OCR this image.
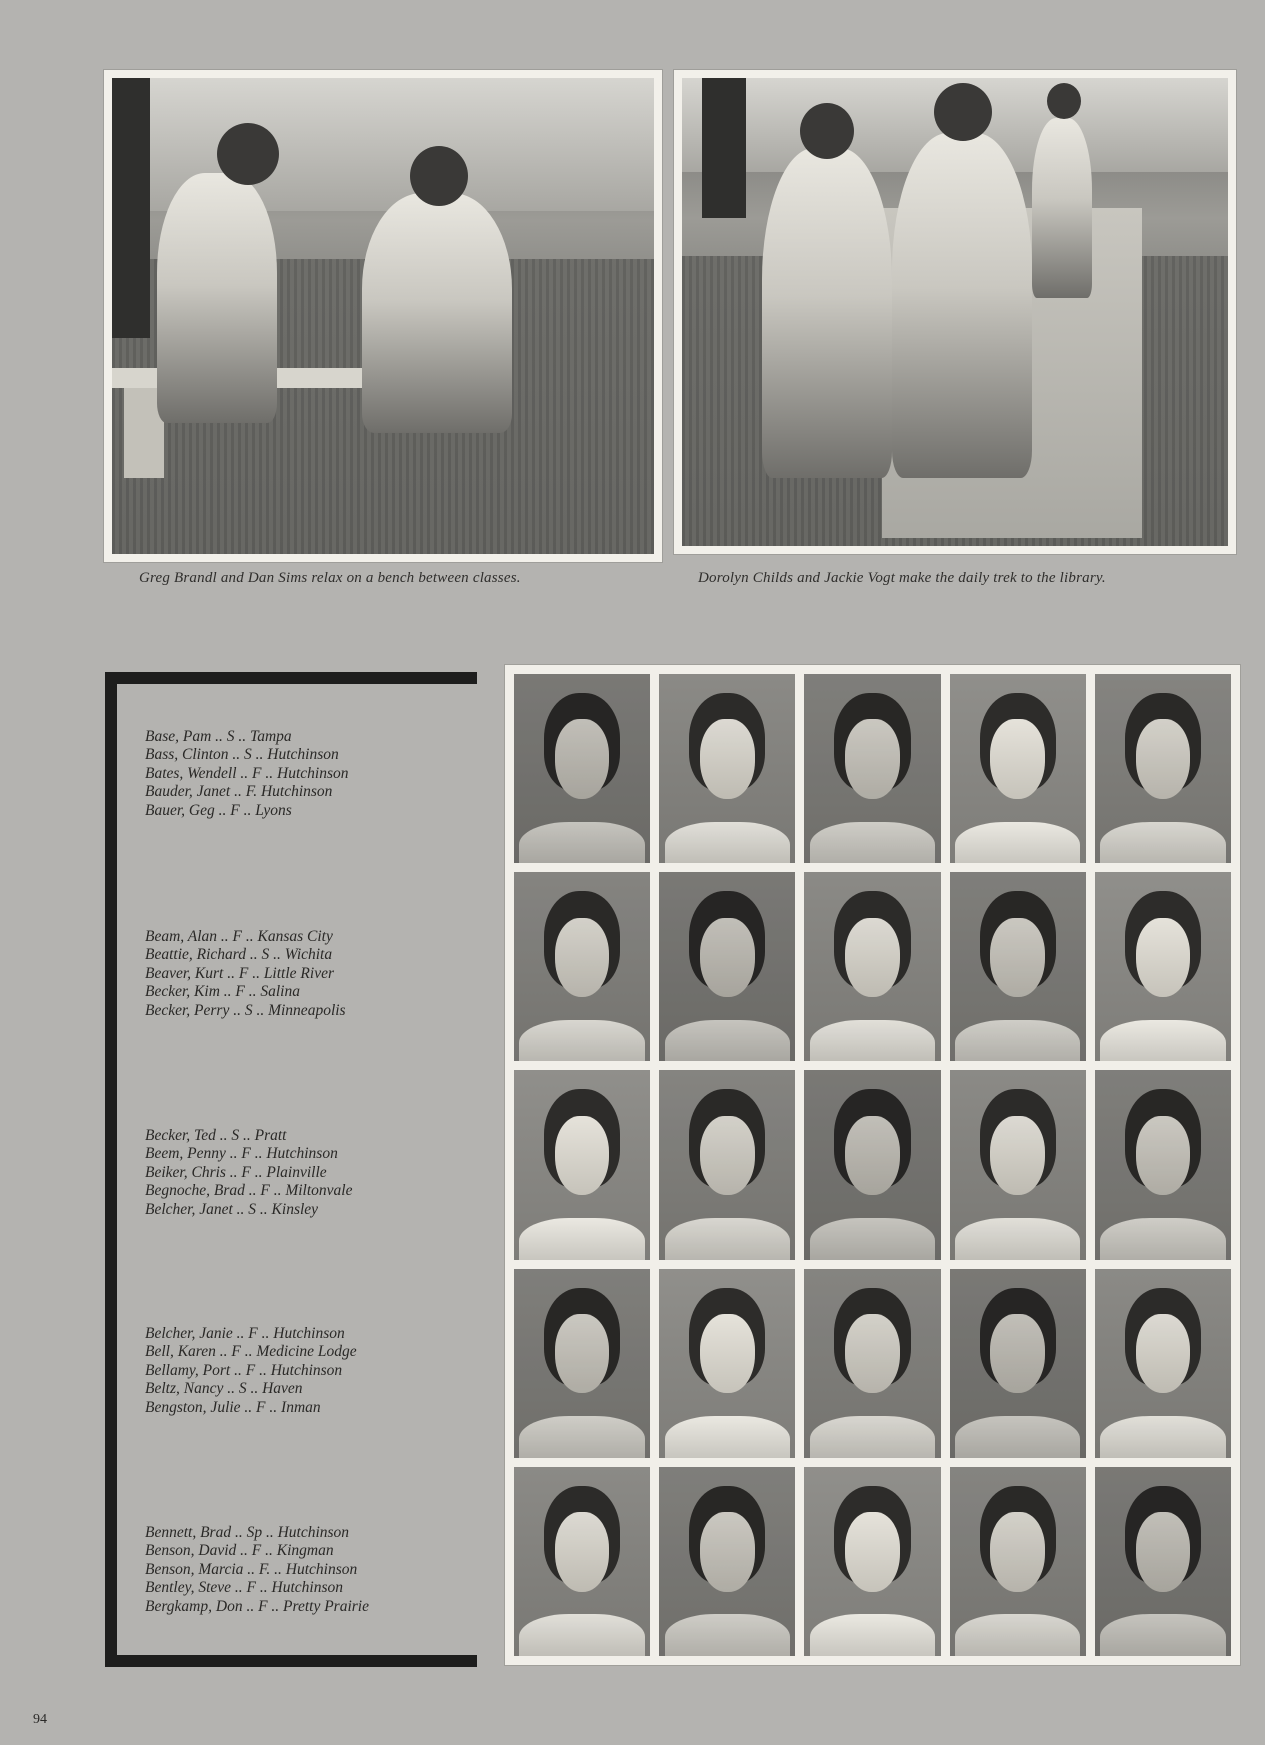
Greg Brandl and Dan Sims relax on a bench between classes.	Dorolyn Childs and Jackie Vogt make the daily trek to the library.
Base, Pam .. S .. Tampa
Bass, Clinton .. S .. Hutchinson
Bates, Wendell .. F .. Hutchinson
Bauder, Janet .. F. Hutchinson
Bauer, Geg .. F .. Lyons
Beam, Alan .. F .. Kansas City
Beattie, Richard .. S .. Wichita
Beaver, Kurt .. F .. Little River
Becker, Kim .. F .. Salina
Becker, Perry .. S .. Minneapolis
Becker, Ted .. S .. Pratt
Beem, Penny .. F .. Hutchinson
Beiker, Chris .. F .. Plainville
Begnoche, Brad .. F .. Miltonvale
Belcher, Janet .. S .. Kinsley
Belcher, Janie .. F .. Hutchinson
Bell, Karen .. F .. Medicine Lodge
Bellamy, Port .. F .. Hutchinson
Beltz, Nancy .. S .. Haven
Bengston, Julie .. F .. Inman
Bennett, Brad .. Sp .. Hutchinson
Benson, David .. F .. Kingman
Benson, Marcia .. F. .. Hutchinson
Bentley, Steve .. F .. Hutchinson
Bergkamp, Don .. F .. Pretty Prairie
94
